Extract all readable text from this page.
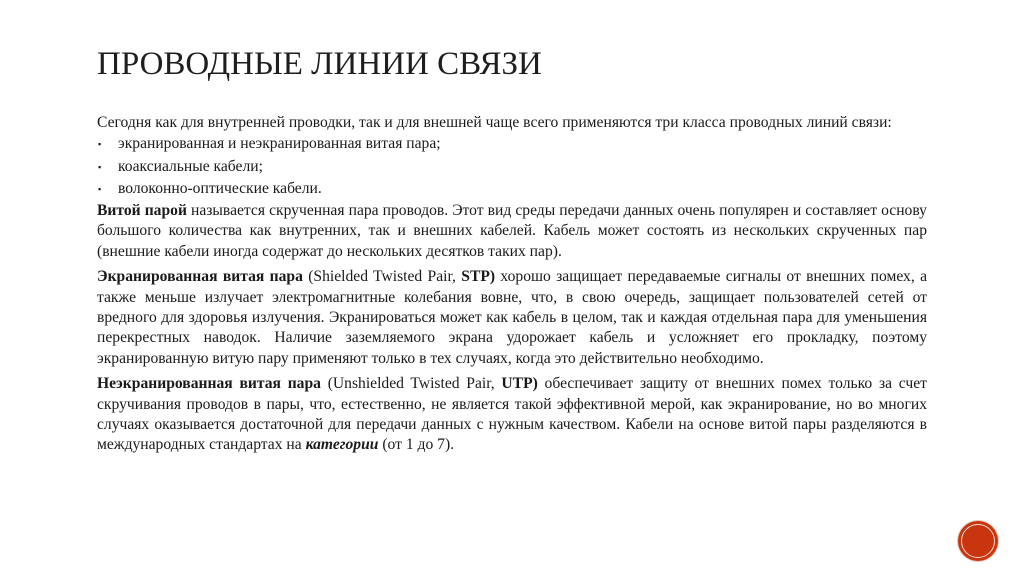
ПРОВОДНЫЕ ЛИНИИ СВЯЗИ

Сегодня как для внутренней проводки, так и для внешней чаще всего применяются три класса проводных линий связи:

▪ экранированная и неэкранированная витая пара;
▪ коаксиальные кабели;
▪ волоконно-оптические кабели.

Витой парой называется скрученная пара проводов. Этот вид среды передачи данных очень популярен и составляет основу большого количества как внутренних, так и внешних кабелей. Кабель может состоять из нескольких скрученных пар (внешние кабели иногда содержат до нескольких десятков таких пар).

Экранированная витая пара (Shielded Twisted Pair, STP) хорошо защищает передаваемые сигналы от внешних помех, а также меньше излучает электромагнитные колебания вовне, что, в свою очередь, защищает пользователей сетей от вредного для здоровья излучения. Экранироваться может как кабель в целом, так и каждая отдельная пара для уменьшения перекрестных наводок. Наличие заземляемого экрана удорожает кабель и усложняет его прокладку, поэтому экранированную витую пару применяют только в тех случаях, когда это действительно необходимо.

Неэкранированная витая пара (Unshielded Twisted Pair, UTP) обеспечивает защиту от внешних помех только за счет скручивания проводов в пары, что, естественно, не является такой эффективной мерой, как экранирование, но во многих случаях оказывается достаточной для передачи данных с нужным качеством. Кабели на основе витой пары разделяются в международных стандартах на категории (от 1 до 7).
